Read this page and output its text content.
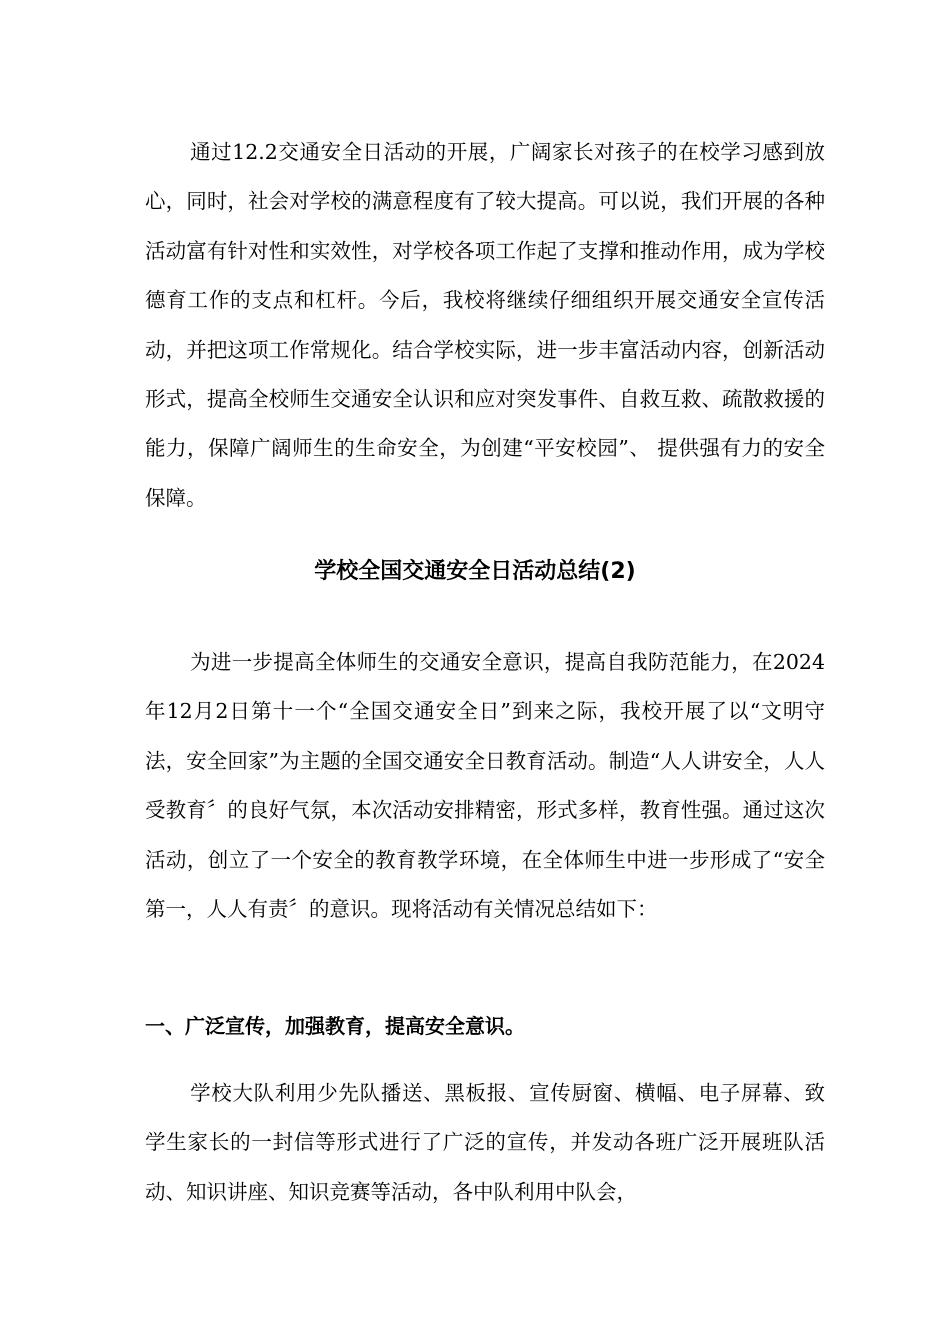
通过12.2交通安全日活动的开展，广阔家长对孩子的在校学习感到放心，同时，社会对学校的满意程度有了较大提高。可以说，我们开展的各种活动富有针对性和实效性，对学校各项工作起了支撑和推动作用，成为学校德育工作的支点和杠杆。今后，我校将继续仔细组织开展交通安全宣传活动，并把这项工作常规化。结合学校实际，进一步丰富活动内容，创新活动形式，提高全校师生交通安全认识和应对突发事件、自救互救、疏散救援的能力，保障广阔师生的生命安全，为创建“平安校园”、 提供强有力的安全保障。

学校全国交通安全日活动总结(2)

为进一步提高全体师生的交通安全意识，提高自我防范能力，在2024年12月2日第十一个“全国交通安全日”到来之际，我校开展了以“文明守法，安全回家”为主题的全国交通安全日教育活动。制造“人人讲安全，人人受教育〞的良好气氛，本次活动安排精密，形式多样，教育性强。通过这次活动，创立了一个安全的教育教学环境，在全体师生中进一步形成了“安全第一，人人有责〞的意识。现将活动有关情况总结如下：

一、广泛宣传，加强教育，提高安全意识。

学校大队利用少先队播送、黑板报、宣传厨窗、横幅、电子屏幕、致学生家长的一封信等形式进行了广泛的宣传，并发动各班广泛开展班队活动、知识讲座、知识竞赛等活动，各中队利用中队会，
